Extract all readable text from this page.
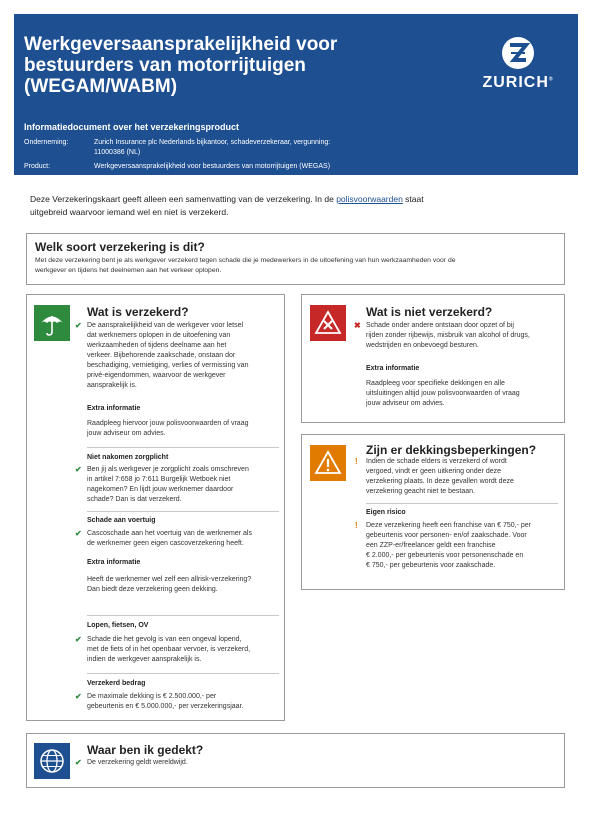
Werkgeversaansprakelijkheid voor
bestuurders van motorrijtuigen
(WEGAM/WABM)	ZURICH®
Informatiedocument over het verzekeringsproduct
Onderneming:	Zurich Insurance plc Nederlands bijkantoor, schadeverzekeraar, vergunning:
11000386 (NL)
Product:	Werkgeversaansprakelijkheid voor bestuurders van motorrijtuigen (WEGAS)
Deze Verzekeringskaart geeft alleen een samenvatting van de verzekering. In de polisvoorwaarden staat
uitgebreid waarvoor iemand wel en niet is verzekerd.
Welk soort verzekering is dit?
Met deze verzekering bent je als werkgever verzekerd tegen schade die je medewerkers in de uitoefening van hun werkzaamheden voor de
werkgever en tijdens het deelnemen aan het verkeer oplopen.
Wat is verzekerd?
✔ De aansprakelijkheid van de werkgever voor letsel
dat werknemers oplopen in de uitoefening van
werkzaamheden of tijdens deelname aan het
verkeer. Bijbehorende zaakschade, onstaan dor
beschadiging, vernietiging, verlies of vermissing van
privé-eigendommen, waarvoor de werkgever
aansprakelijk is.
Extra informatie
Raadpleeg hiervoor jouw polisvoorwaarden of vraag
jouw adviseur om advies.
Niet nakomen zorgplicht
✔ Ben jij als werkgever je zorgplicht zoals omschreven
in artikel 7:658 jo 7:611 Burgelijk Wetboek niet
nagekomen? En lijdt jouw werknemer daardoor
schade? Dan is dat verzekerd.
Schade aan voertuig
✔ Cascoschade aan het voertuig van de werknemer als
de werknemer geen eigen cascoverzekering heeft.
Extra informatie
Heeft de werknemer wel zelf een allrisk-verzekering?
Dan biedt deze verzekering geen dekking.
Lopen, fietsen, OV
✔ Schade die het gevolg is van een ongeval lopend,
met de fiets of in het openbaar vervoer, is verzekerd,
indien de werkgever aansprakelijk is.
Verzekerd bedrag
✔ De maximale dekking is € 2.500.000,- per
gebeurtenis en € 5.000.000,- per verzekeringsjaar.
Wat is niet verzekerd?
✖ Schade onder andere ontstaan door opzet of bij
rijden zonder rijbewijs, misbruik van alcohol of drugs,
wedstrijden en onbevoegd besturen.
Extra informatie
Raadpleeg voor specifieke dekkingen en alle
uitsluitingen altijd jouw polisvoorwaarden of vraag
jouw adviseur om advies.
Zijn er dekkingsbeperkingen?
! Indien de schade elders is verzekerd of wordt
vergoed, vindt er geen uitkering onder deze
verzekering plaats. In deze gevallen wordt deze
verzekering geacht niet te bestaan.
Eigen risico
! Deze verzekering heeft een franchise van € 750,- per
gebeurtenis voor personen- en/of zaakschade. Voor
een ZZP-er/freelancer geldt een franchise
€ 2.000,- per gebeurtenis voor personenschade en
€ 750,- per gebeurtenis voor zaakschade.
Waar ben ik gedekt?
✔ De verzekering geldt wereldwijd.
